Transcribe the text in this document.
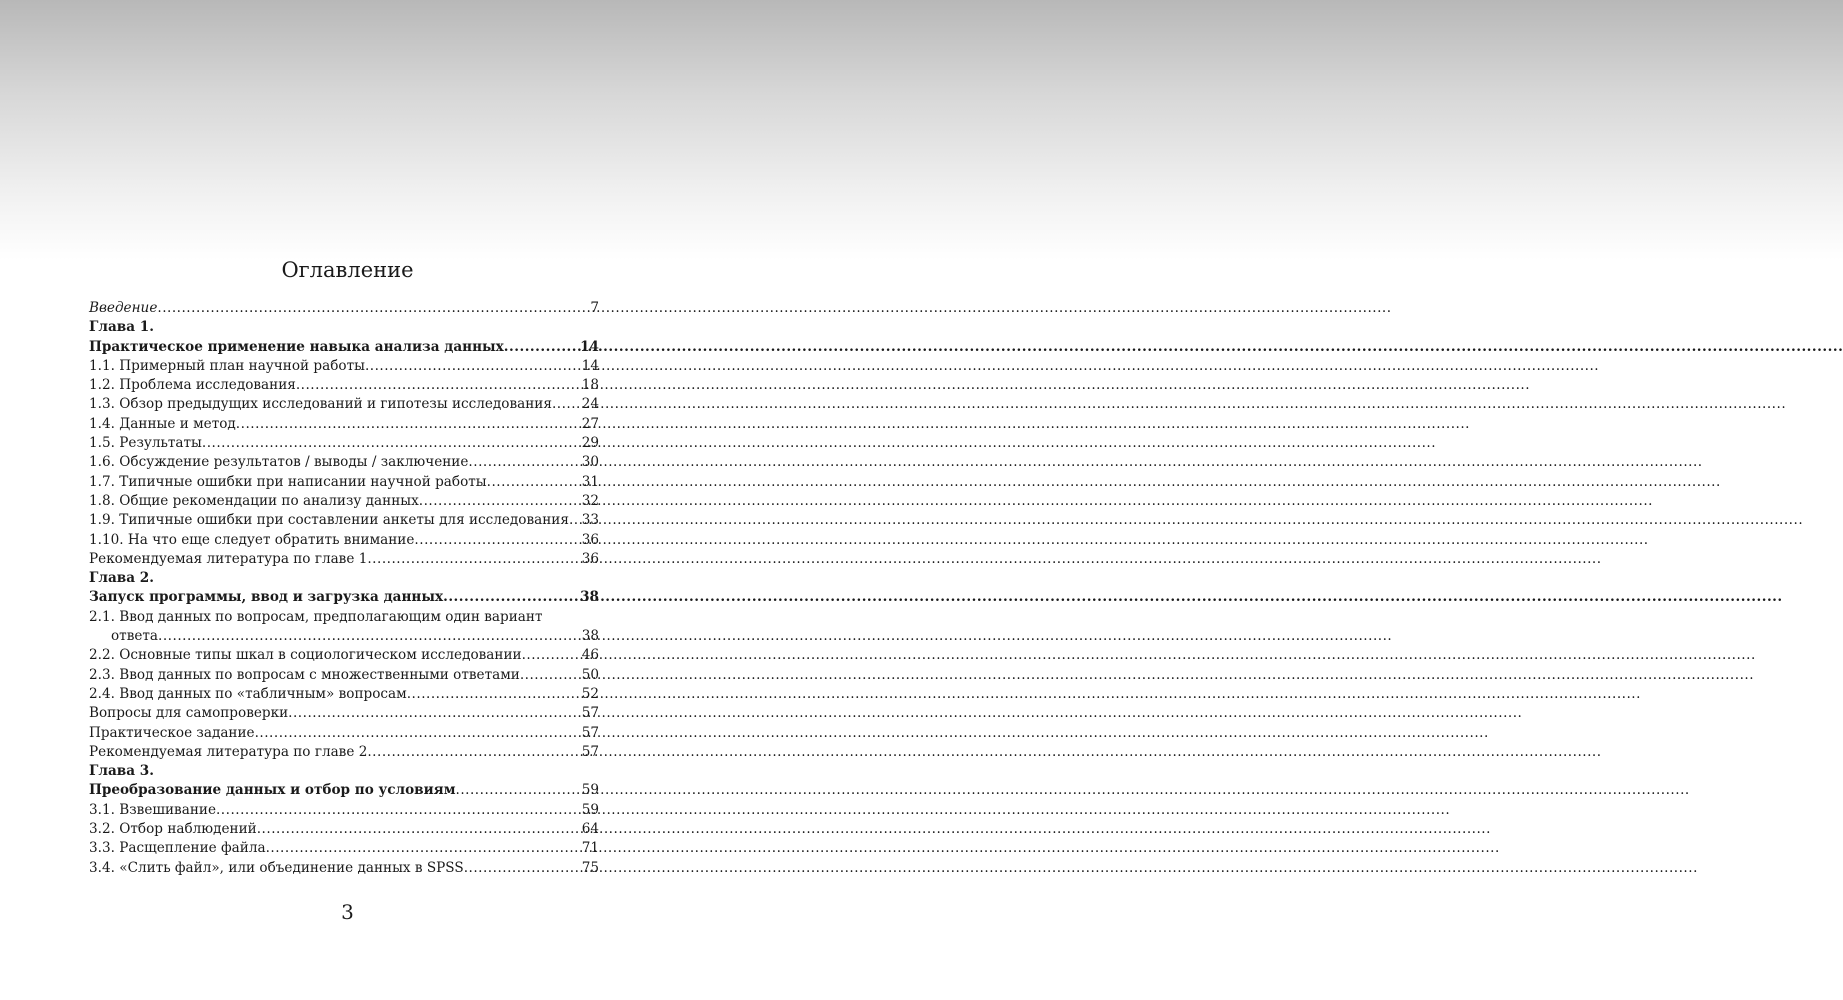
Оглавление
Введение .....	7
Глава 1.
Практическое применение навыка анализа данных .....	14
1.1. Примерный план научной работы .....	14
1.2. Проблема исследования .....	18
1.3. Обзор предыдущих исследований и гипотезы исследования ..... 24
1.4. Данные и метод .....	27
1.5. Результаты .....	29
1.6. Обсуждение результатов / выводы / заключение .....	30
1.7. Типичные ошибки при написании научной работы .....	31
1.8. Общие рекомендации по анализу данных .....	32
1.9. Типичные ошибки при составлении анкеты для исследования ..... 33
1.10. На что еще следует обратить внимание .....	36
Рекомендуемая литература по главе 1 .....	36
Глава 2.
Запуск программы, ввод и загрузка данных .....	38
2.1. Ввод данных по вопросам, предполагающим один вариант
ответа .....	38
2.2. Основные типы шкал в социологическом исследовании .....	46
2.3. Ввод данных по вопросам с множественными ответами .....	50
2.4. Ввод данных по «табличным» вопросам .....	52
Вопросы для самопроверки .....	57
Практическое задание .....	57
Рекомендуемая литература по главе 2 .....	57
Глава 3.
Преобразование данных и отбор по условиям .....	59
3.1. Взвешивание .....	59
3.2. Отбор наблюдений .....	64
3.3. Расщепление файла .....	71
3.4. «Слить файл», или объединение данных в SPSS .....	75
3
